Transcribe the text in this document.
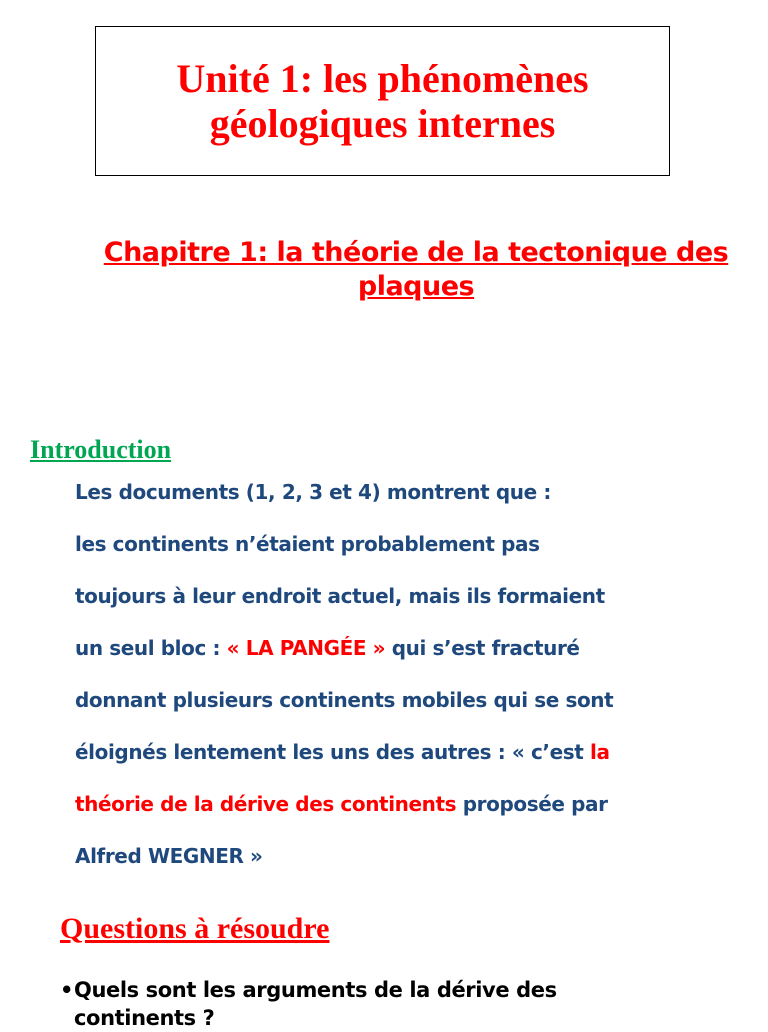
Unité 1: les phénomènes
géologiques internes
Chapitre 1: la théorie de la tectonique des plaques
Introduction
Les documents (1, 2, 3 et 4) montrent que :
les continents n’étaient probablement pas
toujours à leur endroit actuel, mais ils formaient
un seul bloc : « LA PANGÉE » qui s’est fracturé
donnant plusieurs continents mobiles qui se sont
éloignés lentement les uns des autres : « c’est la
théorie de la dérive des continents proposée par
Alfred WEGNER »
Questions à résoudre
• Quels sont les arguments de la dérive des continents ?
